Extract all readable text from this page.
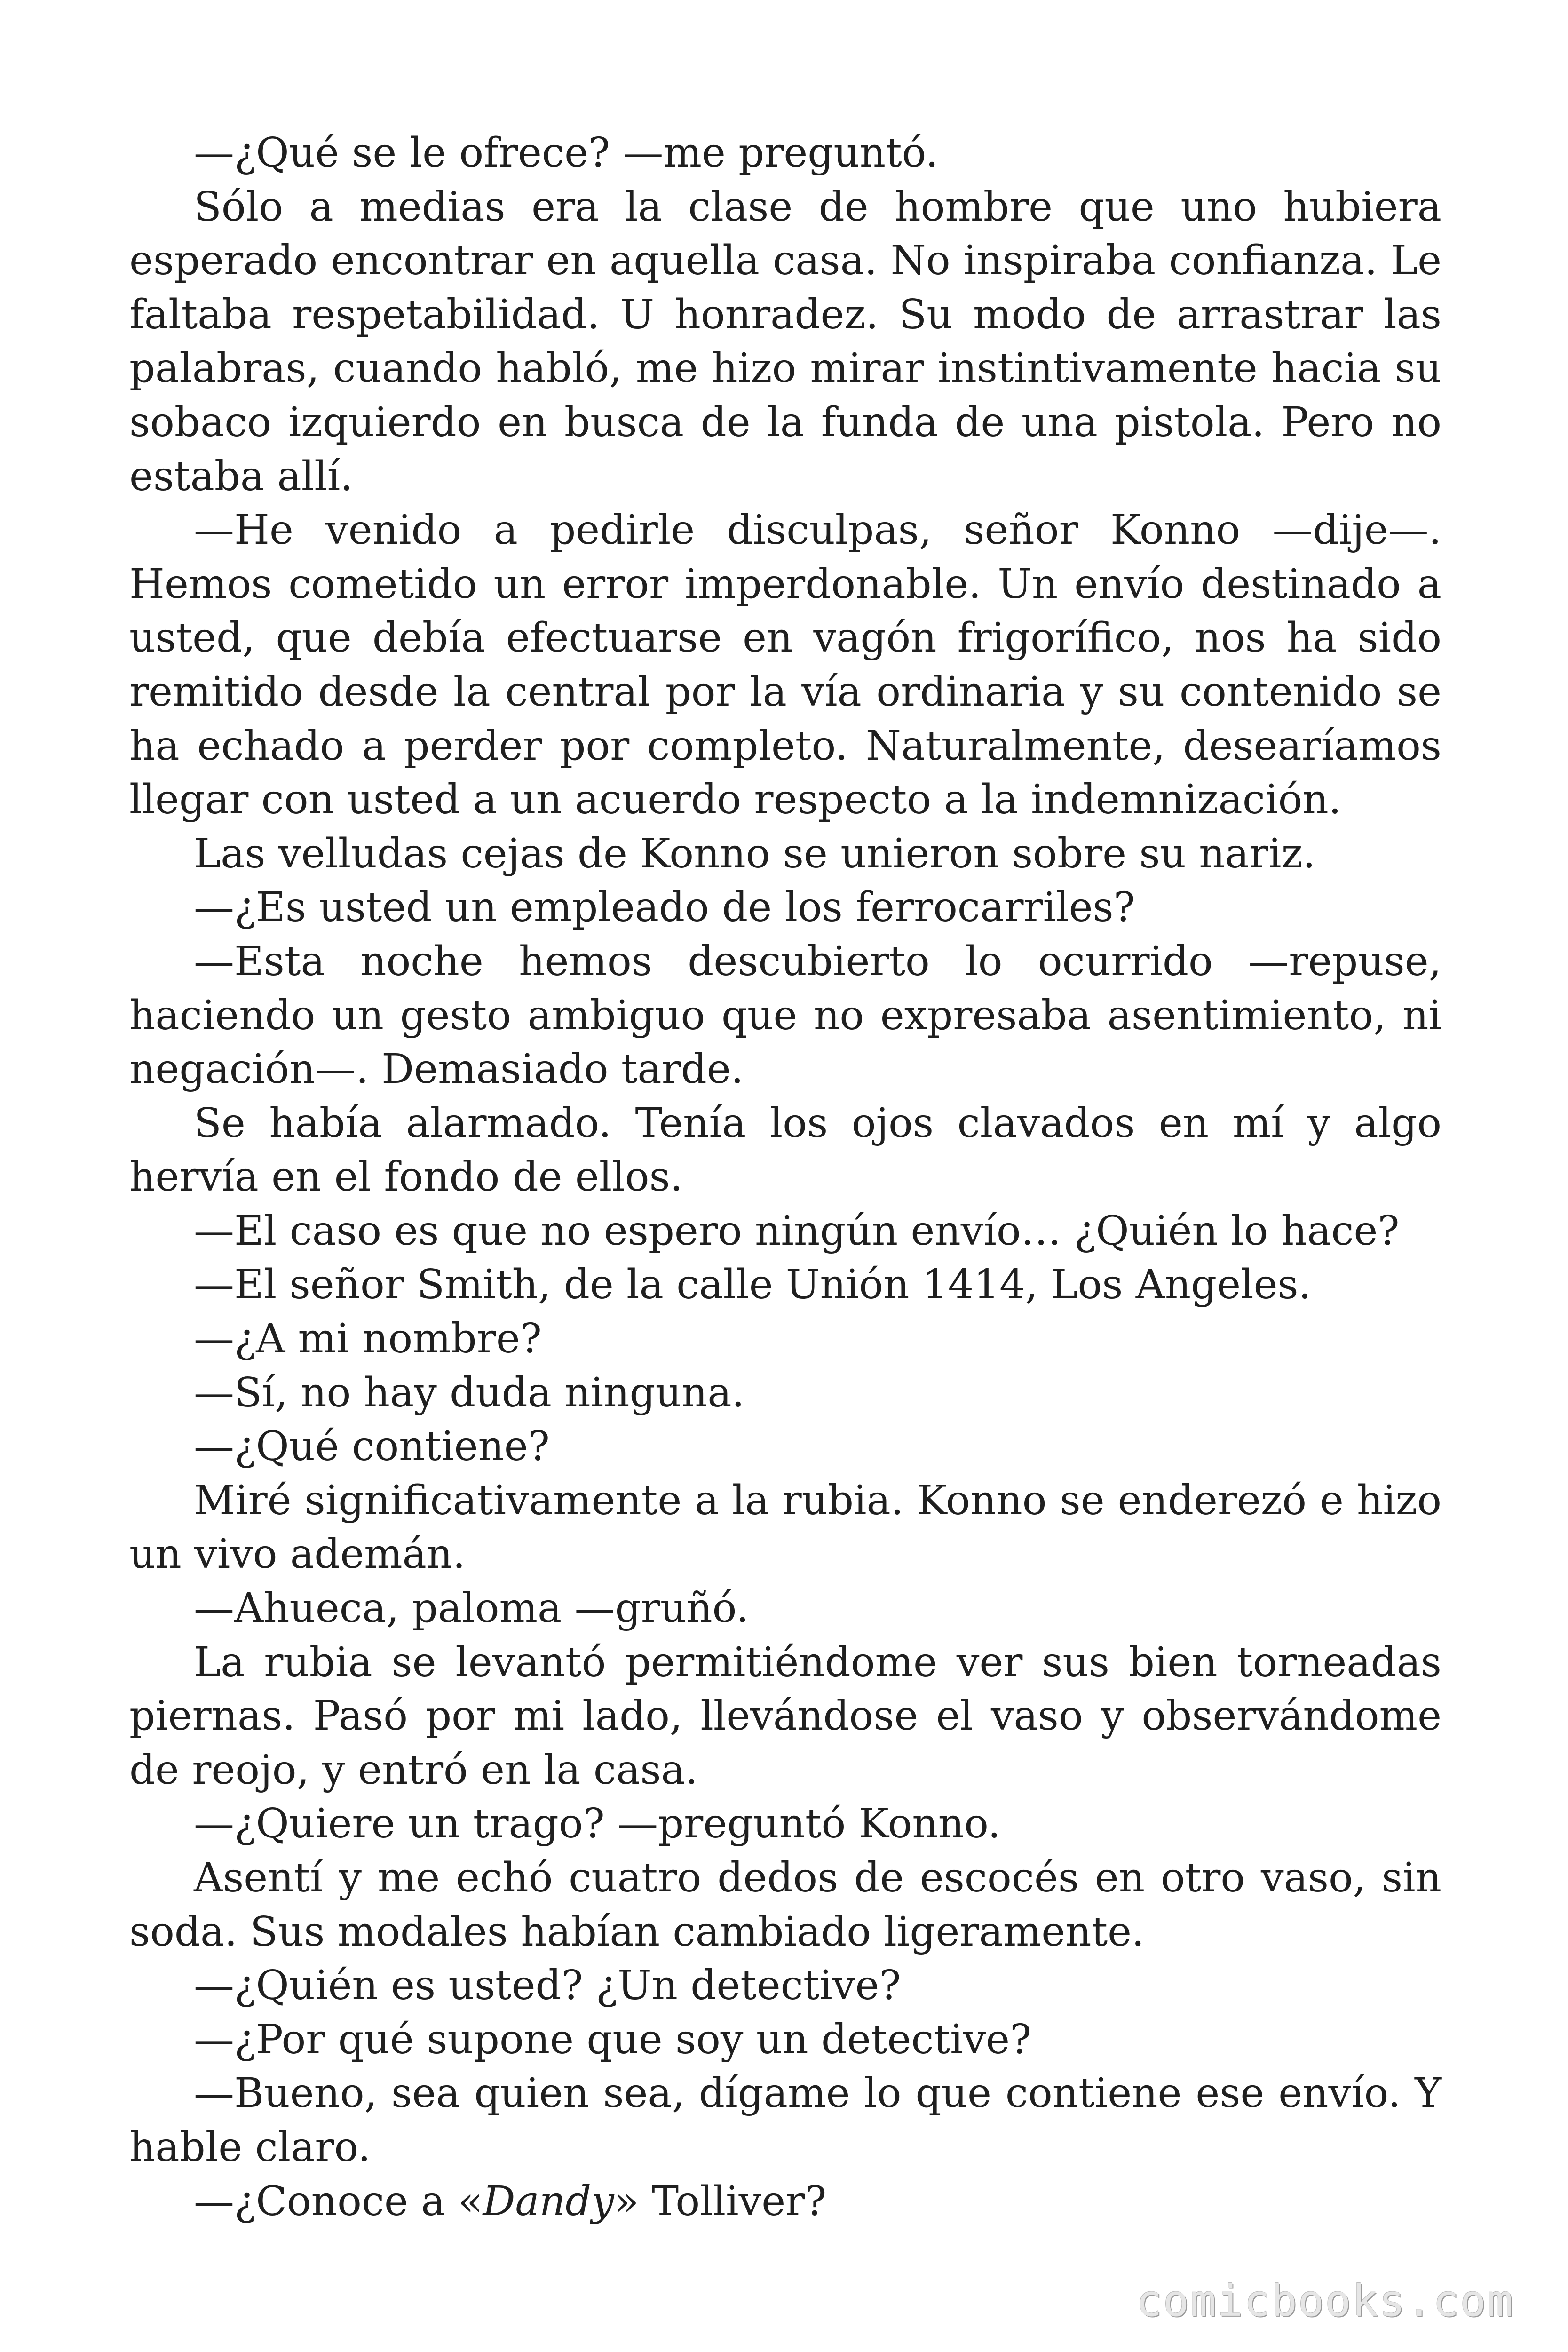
—¿Qué se le ofrece? —me preguntó.

Sólo a medias era la clase de hombre que uno hubiera esperado encontrar en aquella casa. No inspiraba confianza. Le faltaba respetabilidad. U honradez. Su modo de arrastrar las palabras, cuando habló, me hizo mirar instintivamente hacia su sobaco izquierdo en busca de la funda de una pistola. Pero no estaba allí.

—He venido a pedirle disculpas, señor Konno —dije—. Hemos cometido un error imperdonable. Un envío destinado a usted, que debía efectuarse en vagón frigorífico, nos ha sido remitido desde la central por la vía ordinaria y su contenido se ha echado a perder por completo. Naturalmente, desearíamos llegar con usted a un acuerdo respecto a la indemnización.

Las velludas cejas de Konno se unieron sobre su nariz.

—¿Es usted un empleado de los ferrocarriles?

—Esta noche hemos descubierto lo ocurrido —repuse, haciendo un gesto ambiguo que no expresaba asentimiento, ni negación—. Demasiado tarde.

Se había alarmado. Tenía los ojos clavados en mí y algo hervía en el fondo de ellos.

—El caso es que no espero ningún envío… ¿Quién lo hace?

—El señor Smith, de la calle Unión 1414, Los Angeles.

—¿A mi nombre?

—Sí, no hay duda ninguna.

—¿Qué contiene?

Miré significativamente a la rubia. Konno se enderezó e hizo un vivo ademán.

—Ahueca, paloma —gruñó.

La rubia se levantó permitiéndome ver sus bien torneadas piernas. Pasó por mi lado, llevándose el vaso y observándome de reojo, y entró en la casa.

—¿Quiere un trago? —preguntó Konno.

Asentí y me echó cuatro dedos de escocés en otro vaso, sin soda. Sus modales habían cambiado ligeramente.

—¿Quién es usted? ¿Un detective?

—¿Por qué supone que soy un detective?

—Bueno, sea quien sea, dígame lo que contiene ese envío. Y hable claro.

—¿Conoce a «Dandy» Tolliver?

comicbooks.com
